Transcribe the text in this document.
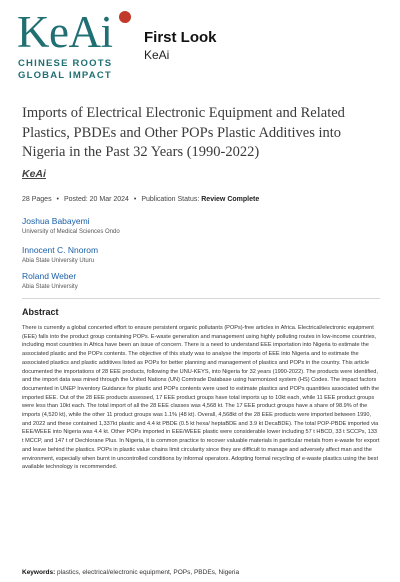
KeAi
CHINESE ROOTS
GLOBAL IMPACT
First Look
KeAi
Imports of Electrical Electronic Equipment and Related Plastics, PBDEs and Other POPs Plastic Additives into Nigeria in the Past 32 Years (1990-2022)
KeAi
28 Pages • Posted: 20 Mar 2024 • Publication Status: Review Complete
Joshua Babayemi
University of Medical Sciences Ondo
Innocent C. Nnorom
Abia State University Uturu
Roland Weber
Abia State University
Abstract
There is currently a global concerted effort to ensure persistent organic pollutants (POPs)-free articles in Africa. Electrical/electronic equipment (EEE) falls into the product group containing POPs. E-waste generation and management using highly polluting routes in low-income countries, including most countries in Africa have been an issue of concern. There is a need to understand EEE importation into Nigeria to estimate the associated plastic and the POPs contents. The objective of this study was to analyse the imports of EEE into Nigeria and to estimate the associated plastics and plastic additives listed as POPs for better planning and management of plastics and POPs in the country. This article documented the importations of 28 EEE products, following the UNU-KEYS, into Nigeria for 32 years (1990-2022). The products were identified, and the import data was mined through the United Nations (UN) Comtrade Database using harmonized system (HS) Codes. The impact factors documented in UNEP Inventory Guidance for plastic and POPs contents were used to estimate plastics and POPs quantities associated with the imported EEE. Out of the 28 EEE products assessed, 17 EEE product groups have total imports up to 10kt each, while 11 EEE product groups were less than 10kt each. The total import of all the 28 EEE classes was 4,568 kt. The 17 EEE product groups have a share of 98.9% of the imports (4,520 kt), while the other 11 product groups was 1.1% (48 kt). Overall, 4,568kt of the 28 EEE products were imported between 1990, and 2022 and these contained 1,337kt plastic and 4.4 kt PBDE (0.5 kt hexa/ heptaBDE and 3.9 kt DecaBDE). The total POP-PBDE imported via EEE/WEEE into Nigeria was 4.4 kt. Other POPs imported in EEE/WEEE plastic were considerable lower including 57 t HBCD, 33 t SCCPs, 133 t MCCP, and 147 t of Dechlorane Plus. In Nigeria, it is common practice to recover valuable materials in particular metals from e-waste for export and leave behind the plastics. POPs in plastic value chains limit circularity since they are difficult to manage and adversely affect man and the environment, especially when burnt in uncontrolled conditions by informal operators. Adopting formal recycling of e-waste plastics using the best available technology is recommended.
Keywords: plastics, electrical/electronic equipment, POPs, PBDEs, Nigeria
